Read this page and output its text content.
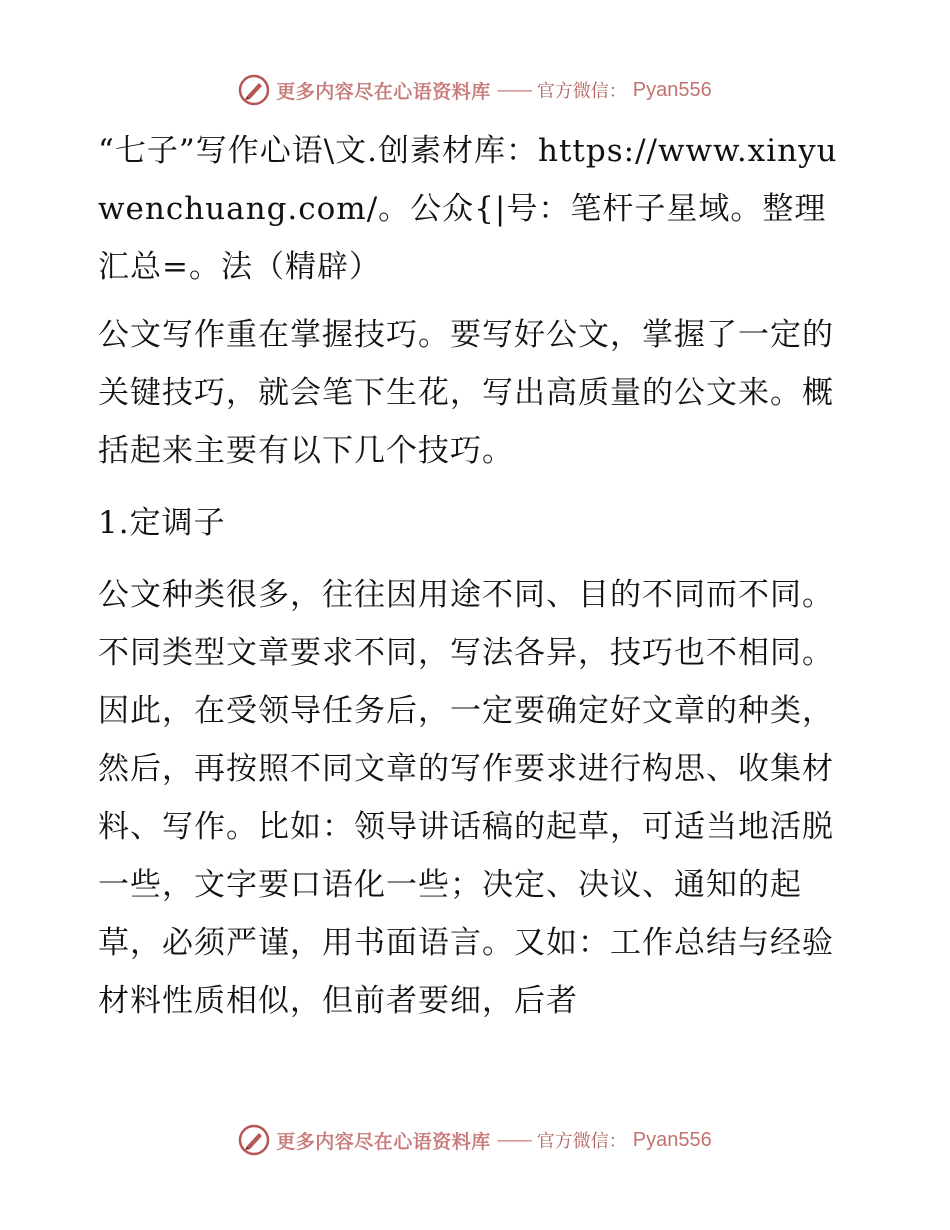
更多内容尽在心语资料库 —— 官方微信： Pyan556

“七子”写作心语\文.创素材库：https://www.xinyuwenchuang.com/。公众{|号：笔杆子星域。整理汇总=。法（精辟）

公文写作重在掌握技巧。要写好公文，掌握了一定的关键技巧，就会笔下生花，写出高质量的公文来。概括起来主要有以下几个技巧。

1.定调子

公文种类很多，往往因用途不同、目的不同而不同。不同类型文章要求不同，写法各异，技巧也不相同。因此，在受领导任务后，一定要确定好文章的种类，然后，再按照不同文章的写作要求进行构思、收集材料、写作。比如：领导讲话稿的起草，可适当地活脱一些，文字要口语化一些；决定、决议、通知的起草，必须严谨，用书面语言。又如：工作总结与经验材料性质相似，但前者要细，后者

更多内容尽在心语资料库 —— 官方微信： Pyan556
